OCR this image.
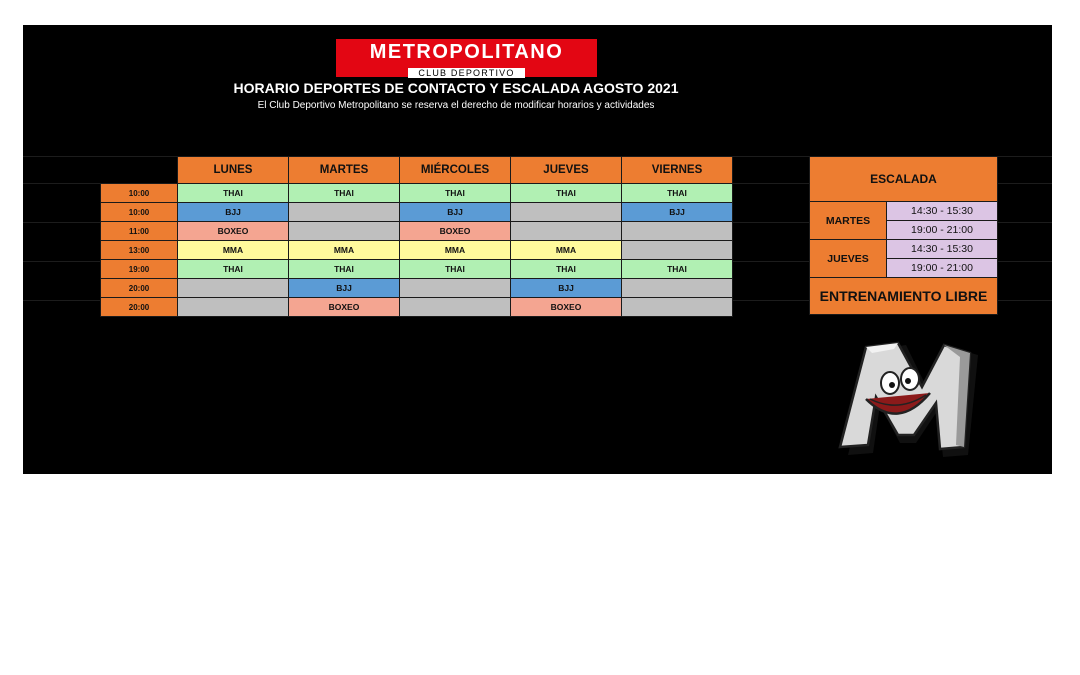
METROPOLITANO
CLUB DEPORTIVO
HORARIO DEPORTES DE CONTACTO Y ESCALADA AGOSTO 2021
El Club Deportivo Metropolitano se reserva el derecho de modificar horarios y actividades
	LUNES	MARTES	MIÉRCOLES	JUEVES	VIERNES
10:00	THAI	THAI	THAI	THAI	THAI
10:00	BJJ		BJJ		BJJ
11:00	BOXEO		BOXEO		
13:00	MMA	MMA	MMA	MMA	
19:00	THAI	THAI	THAI	THAI	THAI
20:00		BJJ		BJJ	
20:00		BOXEO		BOXEO	
ESCALADA	
MARTES	14:30 - 15:30
	19:00 - 21:00
JUEVES	14:30 - 15:30
	19:00 - 21:00
ENTRENAMIENTO LIBRE	
